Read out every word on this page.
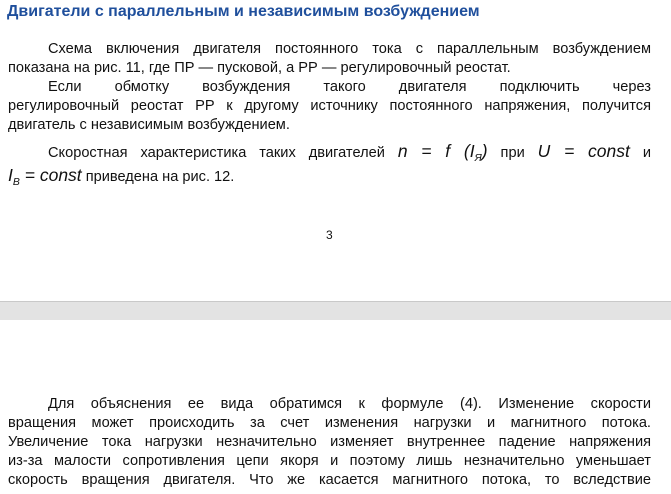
Двигатели с параллельным и независимым возбуждением
Схема включения двигателя постоянного тока с параллельным возбуждением
показана на рис. 11, где ПР — пусковой, а РР — регулировочный реостат.
Если обмотку возбуждения такого двигателя подключить через
регулировочный реостат РР к другому источнику постоянного напряжения, получится
двигатель с независимым возбуждением.
Скоростная характеристика таких двигателей n = f $(I_Я)$ при U = const и
$I_В$ = const приведена на рис. 12.
3
Для объяснения ее вида обратимся к формуле (4). Изменение скорости
вращения может происходить за счет изменения нагрузки и магнитного потока.
Увеличение тока нагрузки незначительно изменяет внутреннее падение напряжения
из-за малости сопротивления цепи якоря и поэтому лишь незначительно уменьшает
скорость вращения двигателя. Что же касается магнитного потока, то вследствие
